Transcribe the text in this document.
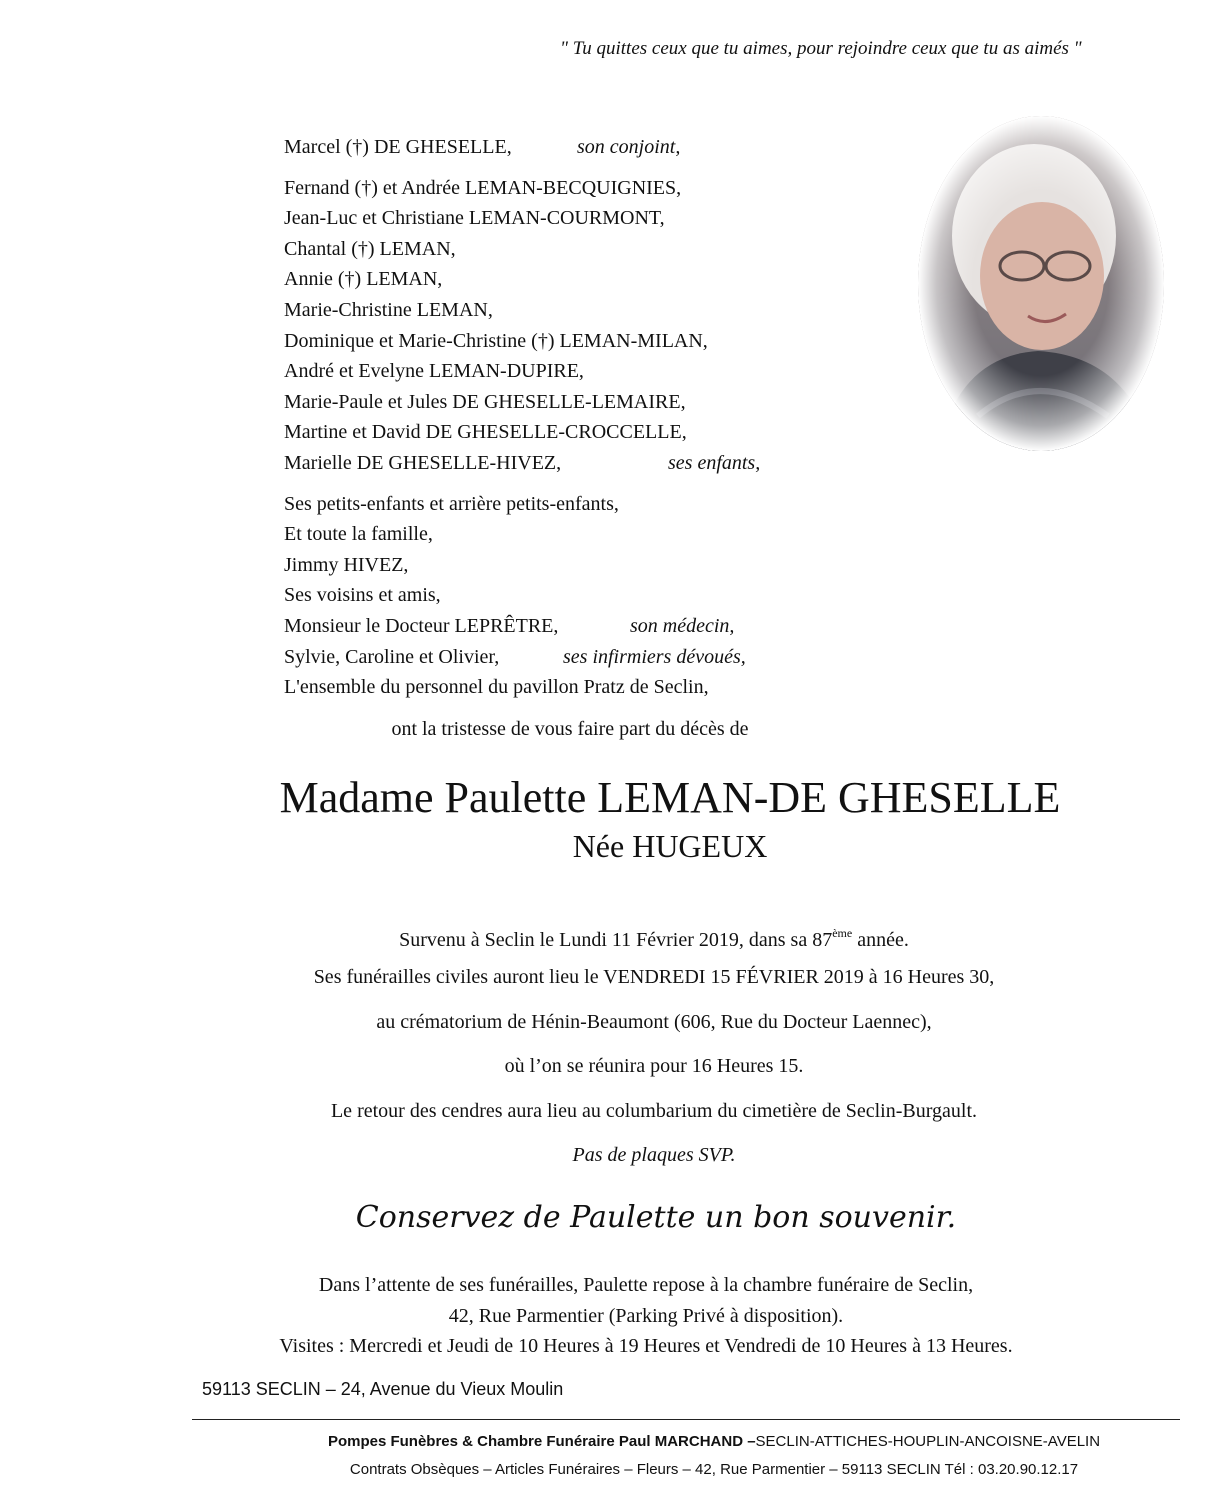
" Tu quittes ceux que tu aimes, pour rejoindre ceux que tu as aimés "
Marcel (†) DE GHESELLE,	son conjoint,
Fernand (†) et Andrée LEMAN-BECQUIGNIES,
Jean-Luc et Christiane LEMAN-COURMONT,
Chantal (†) LEMAN,
Annie (†) LEMAN,
Marie-Christine LEMAN,
Dominique et Marie-Christine (†) LEMAN-MILAN,
André et Evelyne LEMAN-DUPIRE,
Marie-Paule et Jules DE GHESELLE-LEMAIRE,
Martine et David DE GHESELLE-CROCCELLE,
Marielle DE GHESELLE-HIVEZ,	ses enfants,
Ses petits-enfants et arrière petits-enfants,
Et toute la famille,
Jimmy HIVEZ,
Ses voisins et amis,
Monsieur le Docteur LEPRÊTRE,	son médecin,
Sylvie, Caroline et Olivier,	ses infirmiers dévoués,
L'ensemble du personnel du pavillon Pratz de Seclin,
ont la tristesse de vous faire part du décès de
Madame Paulette LEMAN-DE GHESELLE
Née HUGEUX
Survenu à Seclin le Lundi 11 Février 2019, dans sa 87ème année.
Ses funérailles civiles auront lieu le VENDREDI 15 FÉVRIER 2019 à 16 Heures 30,
au crématorium de Hénin-Beaumont (606, Rue du Docteur Laennec),
où l’on se réunira pour 16 Heures 15.
Le retour des cendres aura lieu au columbarium du cimetière de Seclin-Burgault.
Pas de plaques SVP.
Conservez de Paulette un bon souvenir.
Dans l’attente de ses funérailles, Paulette repose à la chambre funéraire de Seclin,
42, Rue Parmentier (Parking Privé à disposition).
Visites : Mercredi et Jeudi de 10 Heures à 19 Heures et Vendredi de 10 Heures à 13 Heures.
59113 SECLIN – 24, Avenue du Vieux Moulin
Pompes Funèbres & Chambre Funéraire Paul MARCHAND –SECLIN-ATTICHES-HOUPLIN-ANCOISNE-AVELIN
Contrats Obsèques – Articles Funéraires – Fleurs – 42, Rue Parmentier – 59113 SECLIN Tél : 03.20.90.12.17
